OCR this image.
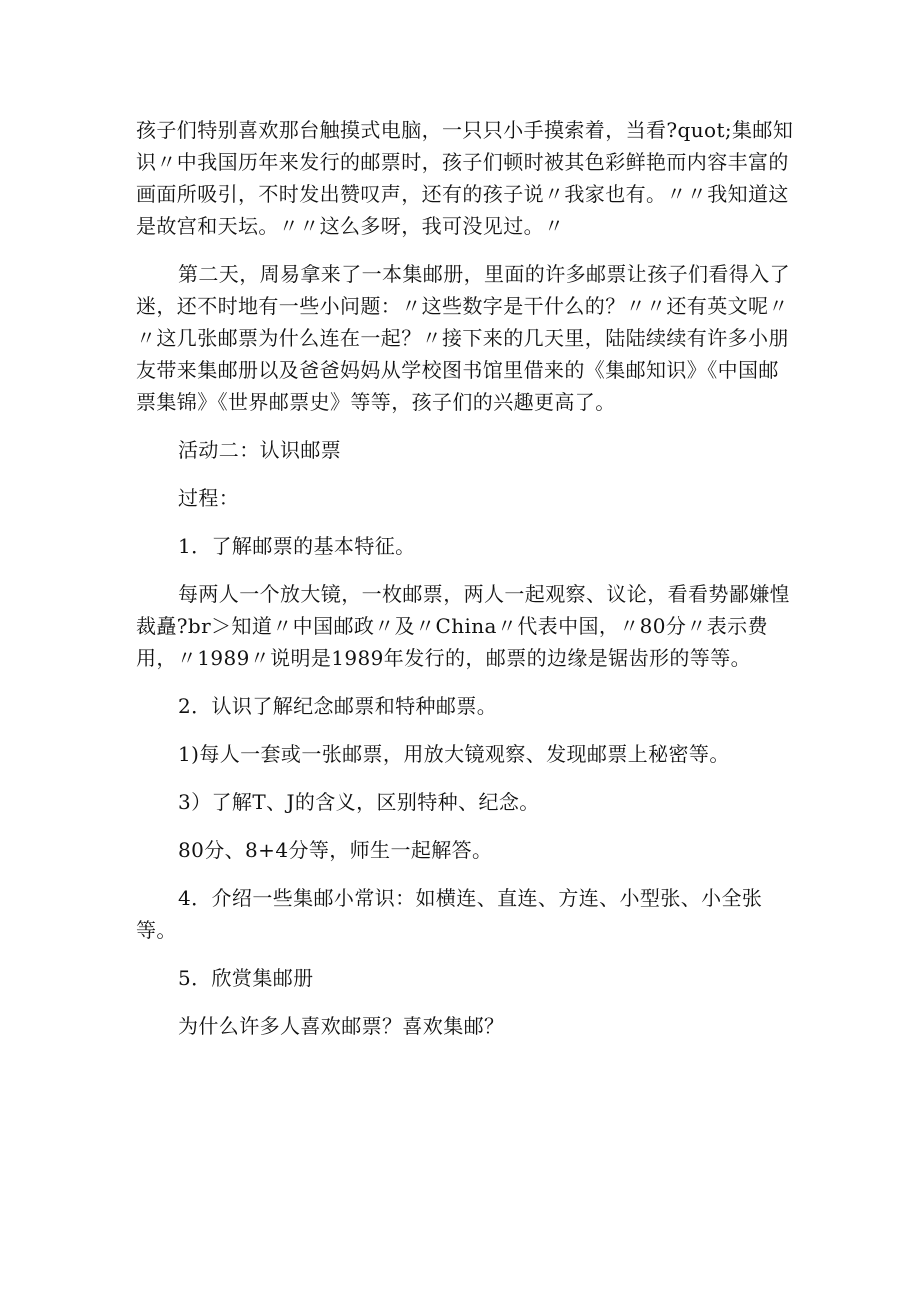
孩子们特别喜欢那台触摸式电脑，一只只小手摸索着，当看?quot;集邮知识〃中我国历年来发行的邮票时，孩子们顿时被其色彩鲜艳而内容丰富的画面所吸引，不时发出赞叹声，还有的孩子说〃我家也有。〃〃我知道这是故宫和天坛。〃〃这么多呀，我可没见过。〃

第二天，周易拿来了一本集邮册，里面的许多邮票让孩子们看得入了迷，还不时地有一些小问题：〃这些数字是干什么的？〃〃还有英文呢〃〃这几张邮票为什么连在一起？〃接下来的几天里，陆陆续续有许多小朋友带来集邮册以及爸爸妈妈从学校图书馆里借来的《集邮知识》《中国邮票集锦》《世界邮票史》等等，孩子们的兴趣更高了。

活动二：认识邮票

过程：

1．了解邮票的基本特征。

每两人一个放大镜，一枚邮票，两人一起观察、议论，看看势鄙嫌惶裁矗?br＞知道〃中国邮政〃及〃China〃代表中国，〃80分〃表示费用，〃1989〃说明是1989年发行的，邮票的边缘是锯齿形的等等。

2．认识了解纪念邮票和特种邮票。

1)每人一套或一张邮票，用放大镜观察、发现邮票上秘密等。

3）了解T、J的含义，区别特种、纪念。

80分、8+4分等，师生一起解答。

4．介绍一些集邮小常识：如横连、直连、方连、小型张、小全张等。

5．欣赏集邮册

为什么许多人喜欢邮票？喜欢集邮？
